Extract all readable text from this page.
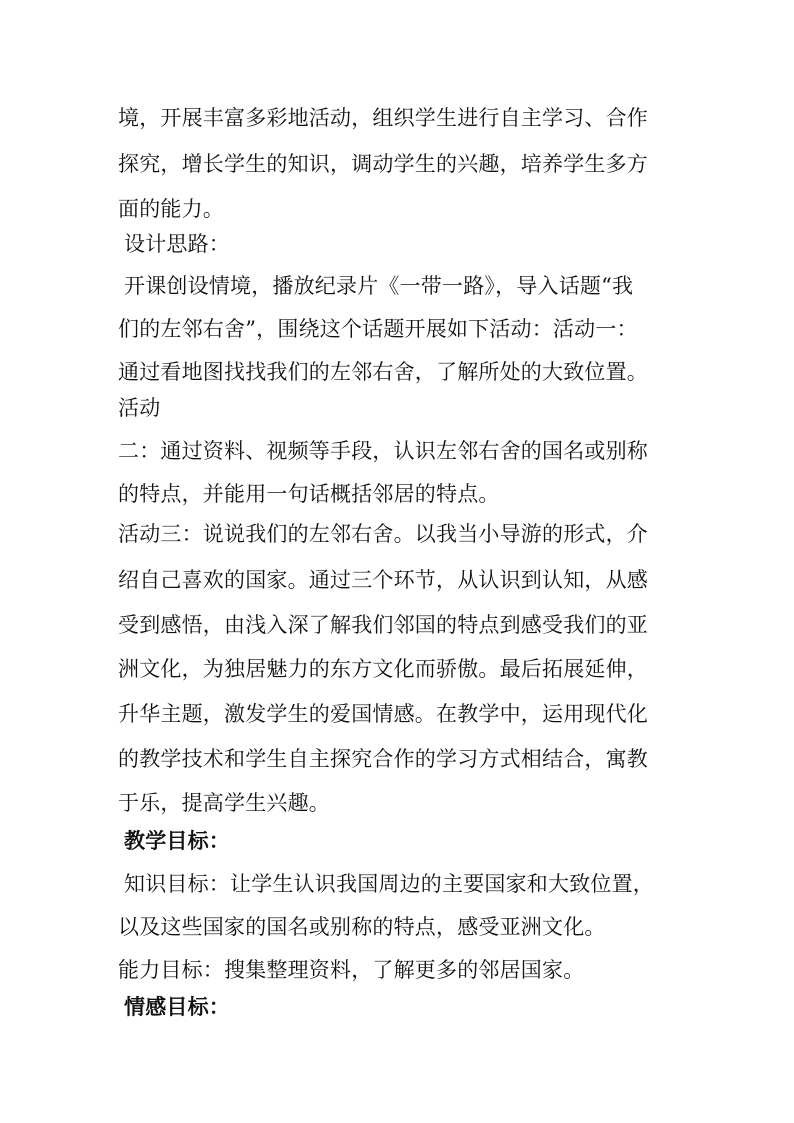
境，开展丰富多彩地活动，组织学生进行自主学习、合作
探究，增长学生的知识，调动学生的兴趣，培养学生多方
面的能力。
设计思路：
开课创设情境，播放纪录片《一带一路》，导入话题“我
们的左邻右舍”，围绕这个话题开展如下活动：活动一：
通过看地图找找我们的左邻右舍，了解所处的大致位置。
活动
二：通过资料、视频等手段，认识左邻右舍的国名或别称
的特点，并能用一句话概括邻居的特点。
活动三：说说我们的左邻右舍。以我当小导游的形式，介
绍自己喜欢的国家。通过三个环节，从认识到认知，从感
受到感悟，由浅入深了解我们邻国的特点到感受我们的亚
洲文化，为独居魅力的东方文化而骄傲。最后拓展延伸，
升华主题，激发学生的爱国情感。在教学中，运用现代化
的教学技术和学生自主探究合作的学习方式相结合，寓教
于乐，提高学生兴趣。
教学目标：
知识目标：让学生认识我国周边的主要国家和大致位置，
以及这些国家的国名或别称的特点，感受亚洲文化。
能力目标：搜集整理资料，了解更多的邻居国家。
情感目标：
